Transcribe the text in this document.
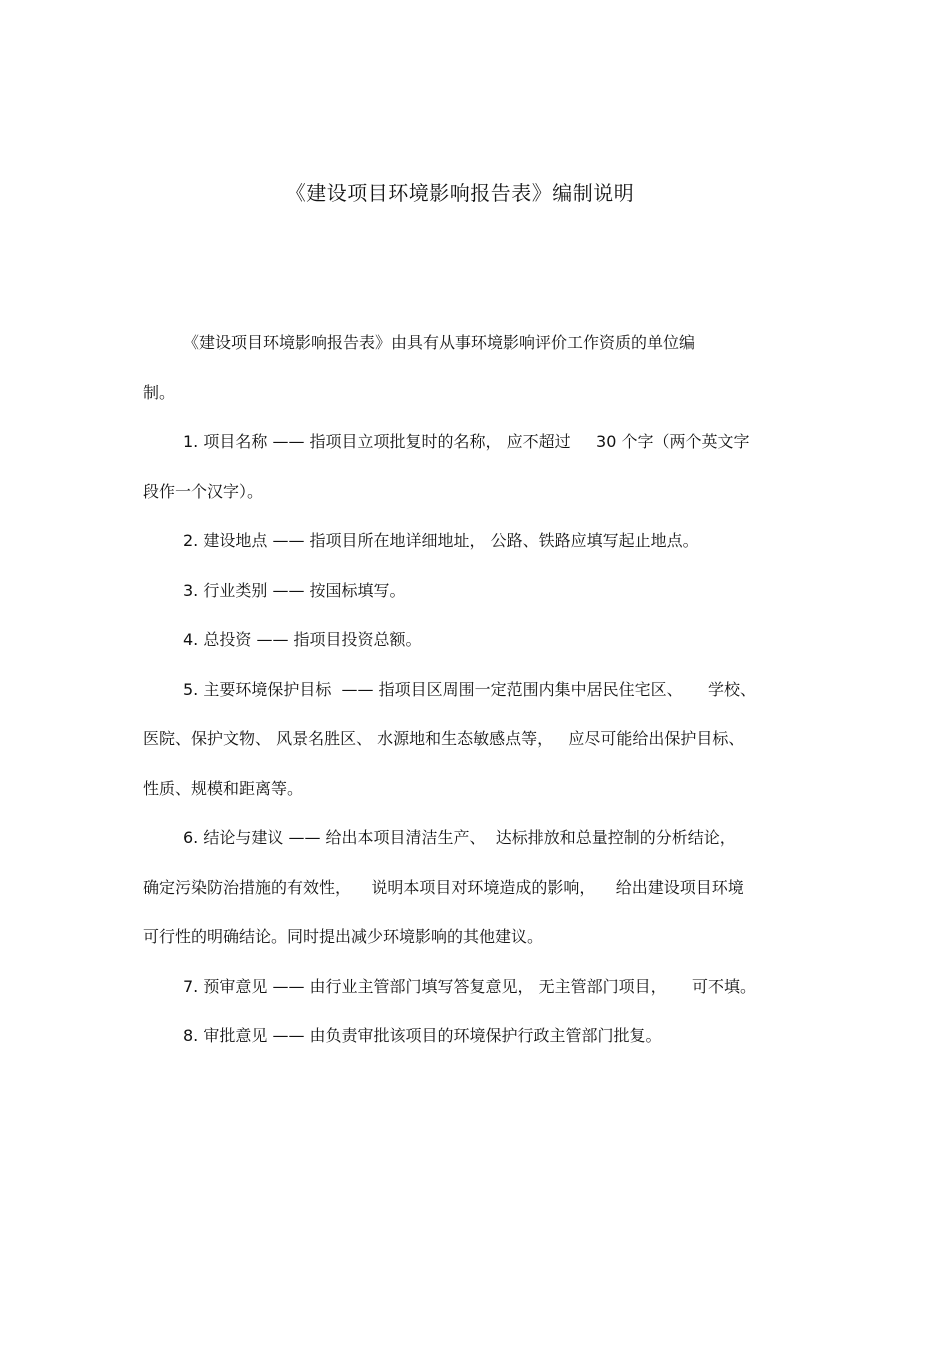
《建设项目环境影响报告表》编制说明
《建设项目环境影响报告表》由具有从事环境影响评价工作资质的单位编
制。
1. 项目名称 —— 指项目立项批复时的名称， 应不超过     30 个字（两个英文字
段作一个汉字）。
2. 建设地点 —— 指项目所在地详细地址， 公路、铁路应填写起止地点。
3. 行业类别 —— 按国标填写。
4. 总投资 —— 指项目投资总额。
5. 主要环境保护目标  —— 指项目区周围一定范围内集中居民住宅区、     学校、
医院、保护文物、 风景名胜区、 水源地和生态敏感点等，   应尽可能给出保护目标、
性质、规模和距离等。
6. 结论与建议 —— 给出本项目清洁生产、  达标排放和总量控制的分析结论，
确定污染防治措施的有效性，    说明本项目对环境造成的影响，    给出建设项目环境
可行性的明确结论。同时提出减少环境影响的其他建议。
7. 预审意见 —— 由行业主管部门填写答复意见， 无主管部门项目，     可不填。
8. 审批意见 —— 由负责审批该项目的环境保护行政主管部门批复。
